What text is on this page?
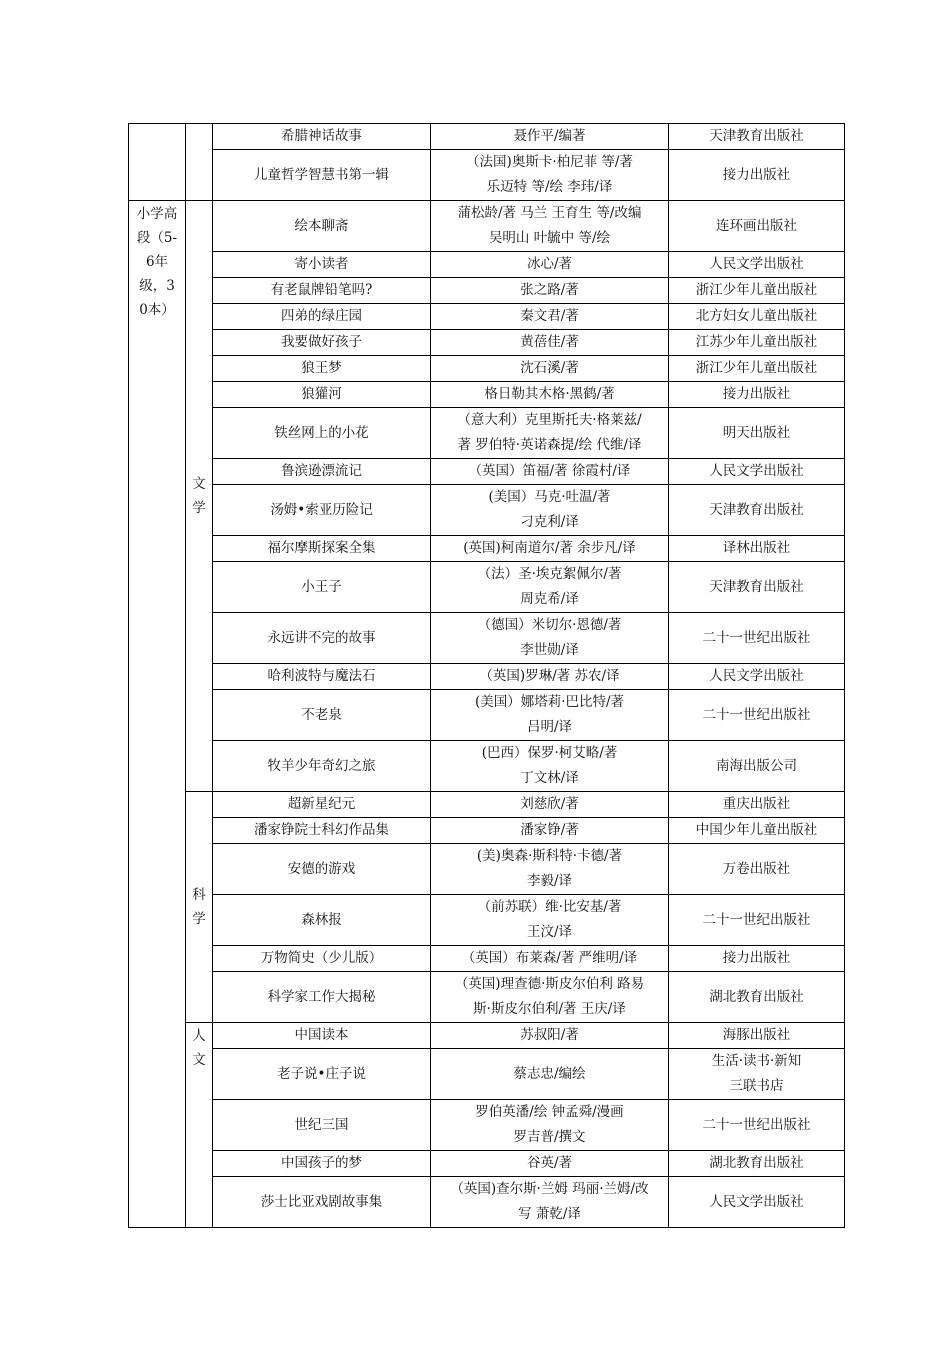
	希腊神话故事	聂作平/编著	天津教育出版社
		儿童哲学智慧书第一辑	（法国)奥斯卡·柏尼菲 等/著
乐迈特 等/绘 李玮/译	接力出版社

小学高段（5-6年级，30本）	文学	绘本聊斋	蒲松龄/著 马兰 王育生 等/改编
吴明山 叶毓中 等/绘	连环画出版社
		寄小读者	冰心/著	人民文学出版社
		有老鼠牌铅笔吗?	张之路/著	浙江少年儿童出版社
		四弟的绿庄园	秦文君/著	北方妇女儿童出版社
		我要做好孩子	黄蓓佳/著	江苏少年儿童出版社
		狼王梦	沈石溪/著	浙江少年儿童出版社
		狼獾河	格日勒其木格·黑鹤/著	接力出版社
		铁丝网上的小花	（意大利）克里斯托夫·格莱兹/
著 罗伯特·英诺森提/绘 代维/译	明天出版社
		鲁滨逊漂流记	（英国）笛福/著 徐霞村/译	人民文学出版社
		汤姆•索亚历险记	(美国）马克·吐温/著
刁克利/译	天津教育出版社
		福尔摩斯探案全集	(英国)柯南道尔/著 余步凡/译	译林出版社
		小王子	（法）圣·埃克絮佩尔/著
周克希/译	天津教育出版社
		永远讲不完的故事	（德国）米切尔·恩德/著
李世勋/译	二十一世纪出版社
		哈利波特与魔法石	（英国)罗琳/著 苏农/译	人民文学出版社
		不老泉	(美国）娜塔莉·巴比特/著
吕明/译	二十一世纪出版社
		牧羊少年奇幻之旅	(巴西）保罗·柯艾略/著
丁文林/译	南海出版公司

	科学	超新星纪元	刘慈欣/著	重庆出版社
		潘家铮院士科幻作品集	潘家铮/著	中国少年儿童出版社
		安德的游戏	(美)奥森·斯科特·卡德/著
李毅/译	万卷出版社
		森林报	（前苏联）维·比安基/著
王汶/译	二十一世纪出版社
		万物简史（少儿版）	（英国）布莱森/著 严维明/译	接力出版社
		科学家工作大揭秘	（英国)理查德·斯皮尔伯利 路易
斯·斯皮尔伯利/著 王庆/译	湖北教育出版社

	人文	中国读本	苏叔阳/著	海豚出版社
		老子说•庄子说	蔡志忠/编绘	生活·读书·新知
三联书店
		世纪三国	罗伯英潘/绘 钟孟舜/漫画
罗吉普/撰文	二十一世纪出版社
		中国孩子的梦	谷英/著	湖北教育出版社
		莎士比亚戏剧故事集	（英国)查尔斯·兰姆 玛丽·兰姆/改
写 萧乾/译	人民文学出版社
